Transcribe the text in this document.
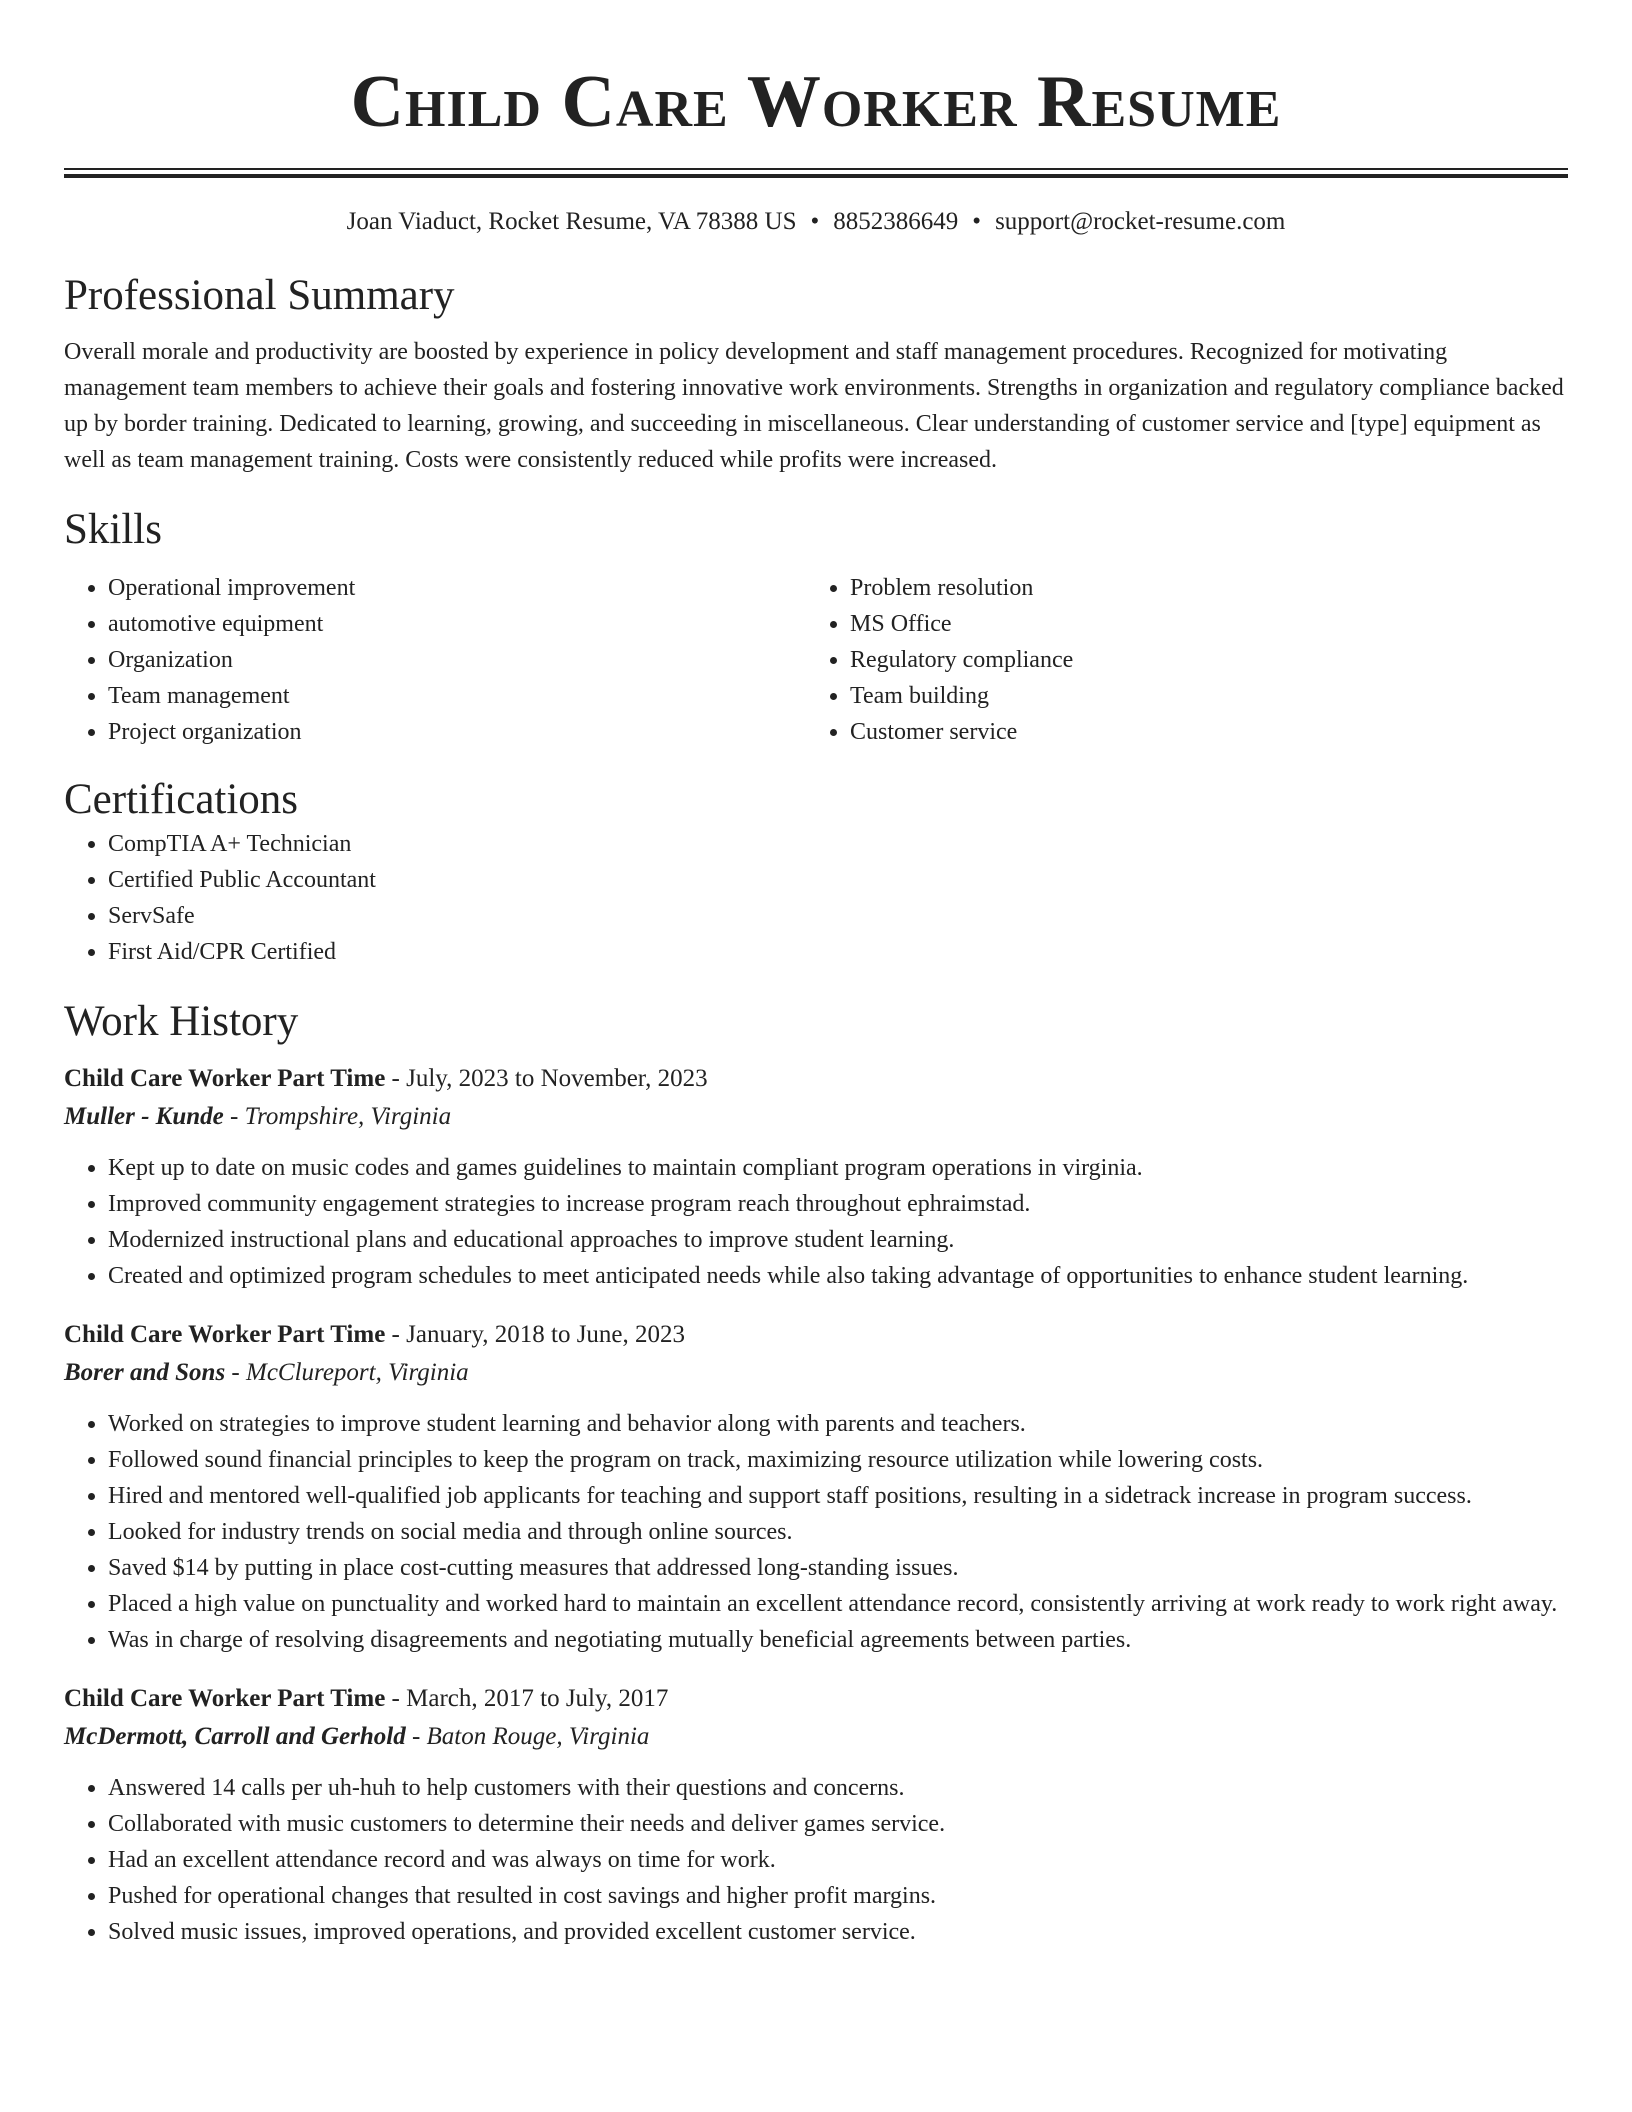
Child Care Worker Resume
Joan Viaduct, Rocket Resume, VA 78388 US • 8852386649 • support@rocket-resume.com
Professional Summary

Overall morale and productivity are boosted by experience in policy development and staff management procedures. Recognized for motivating management team members to achieve their goals and fostering innovative work environments. Strengths in organization and regulatory compliance backed up by border training. Dedicated to learning, growing, and succeeding in miscellaneous. Clear understanding of customer service and [type] equipment as well as team management training. Costs were consistently reduced while profits were increased.

Skills
• Operational improvement
• automotive equipment
• Organization
• Team management
• Project organization
• Problem resolution
• MS Office
• Regulatory compliance
• Team building
• Customer service
Certifications
• CompTIA A+ Technician
• Certified Public Accountant
• ServSafe
• First Aid/CPR Certified
Work History
Child Care Worker Part Time - July, 2023 to November, 2023
Muller - Kunde - Trompshire, Virginia
• Kept up to date on music codes and games guidelines to maintain compliant program operations in virginia.
• Improved community engagement strategies to increase program reach throughout ephraimstad.
• Modernized instructional plans and educational approaches to improve student learning.
• Created and optimized program schedules to meet anticipated needs while also taking advantage of opportunities to enhance student learning.
Child Care Worker Part Time - January, 2018 to June, 2023
Borer and Sons - McClureport, Virginia
• Worked on strategies to improve student learning and behavior along with parents and teachers.
• Followed sound financial principles to keep the program on track, maximizing resource utilization while lowering costs.
• Hired and mentored well-qualified job applicants for teaching and support staff positions, resulting in a sidetrack increase in program success.
• Looked for industry trends on social media and through online sources.
• Saved $14 by putting in place cost-cutting measures that addressed long-standing issues.
• Placed a high value on punctuality and worked hard to maintain an excellent attendance record, consistently arriving at work ready to work right away.
• Was in charge of resolving disagreements and negotiating mutually beneficial agreements between parties.
Child Care Worker Part Time - March, 2017 to July, 2017
McDermott, Carroll and Gerhold - Baton Rouge, Virginia
• Answered 14 calls per uh-huh to help customers with their questions and concerns.
• Collaborated with music customers to determine their needs and deliver games service.
• Had an excellent attendance record and was always on time for work.
• Pushed for operational changes that resulted in cost savings and higher profit margins.
• Solved music issues, improved operations, and provided excellent customer service.
